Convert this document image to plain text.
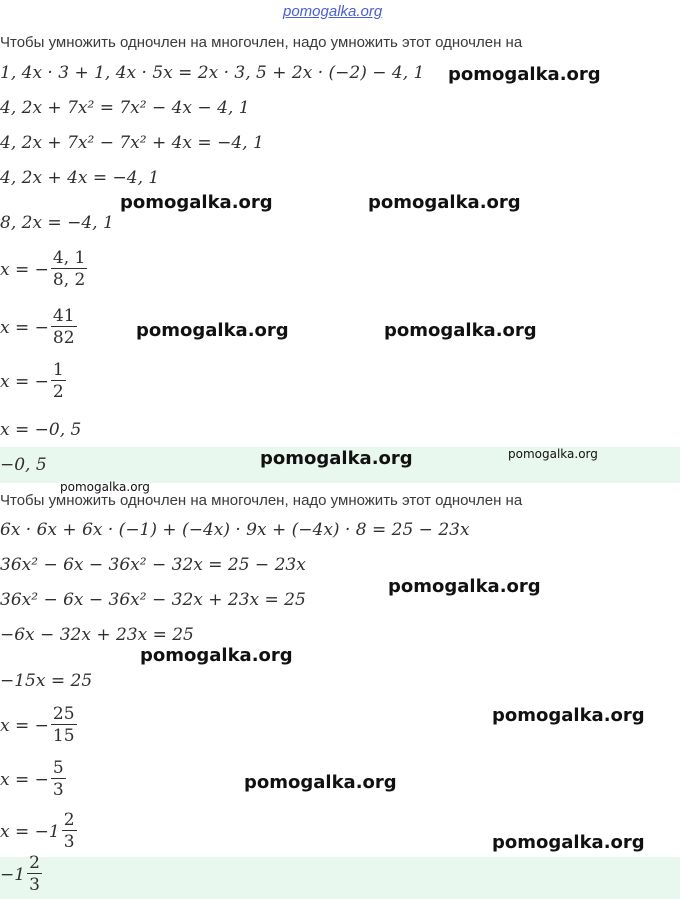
pomogalka.org
Чтобы умножить одночлен на многочлен, надо умножить этот одночлен на
1, 4x · 3 + 1, 4x · 5x = 2x · 3, 5 + 2x · (−2) − 4, 1
4, 2x + 7x² = 7x² − 4x − 4, 1
4, 2x + 7x² − 7x² + 4x = −4, 1
4, 2x + 4x = −4, 1
8, 2x = −4, 1
x = − $\frac{4, 1}{8, 2}$
x = − $\frac{41}{82}$
x = − $\frac{1}{2}$
x = −0, 5
−0, 5
Чтобы умножить одночлен на многочлен, надо умножить этот одночлен на
6x · 6x + 6x · (−1) + (−4x) · 9x + (−4x) · 8 = 25 − 23x
36x² − 6x − 36x² − 32x = 25 − 23x
36x² − 6x − 36x² − 32x + 23x = 25
−6x − 32x + 23x = 25
−15x = 25
x = − $\frac{25}{15}$
x = − $\frac{5}{3}$
$x = -1 \frac{2}{3}$
$-1 \frac{2}{3}$
pomogalka.org
pomogalka.org	pomogalka.org
pomogalka.org	pomogalka.org
pomogalka.org	pomogalka.org
pomogalka.org
pomogalka.org
pomogalka.org
pomogalka.org
pomogalka.org
pomogalka.org
